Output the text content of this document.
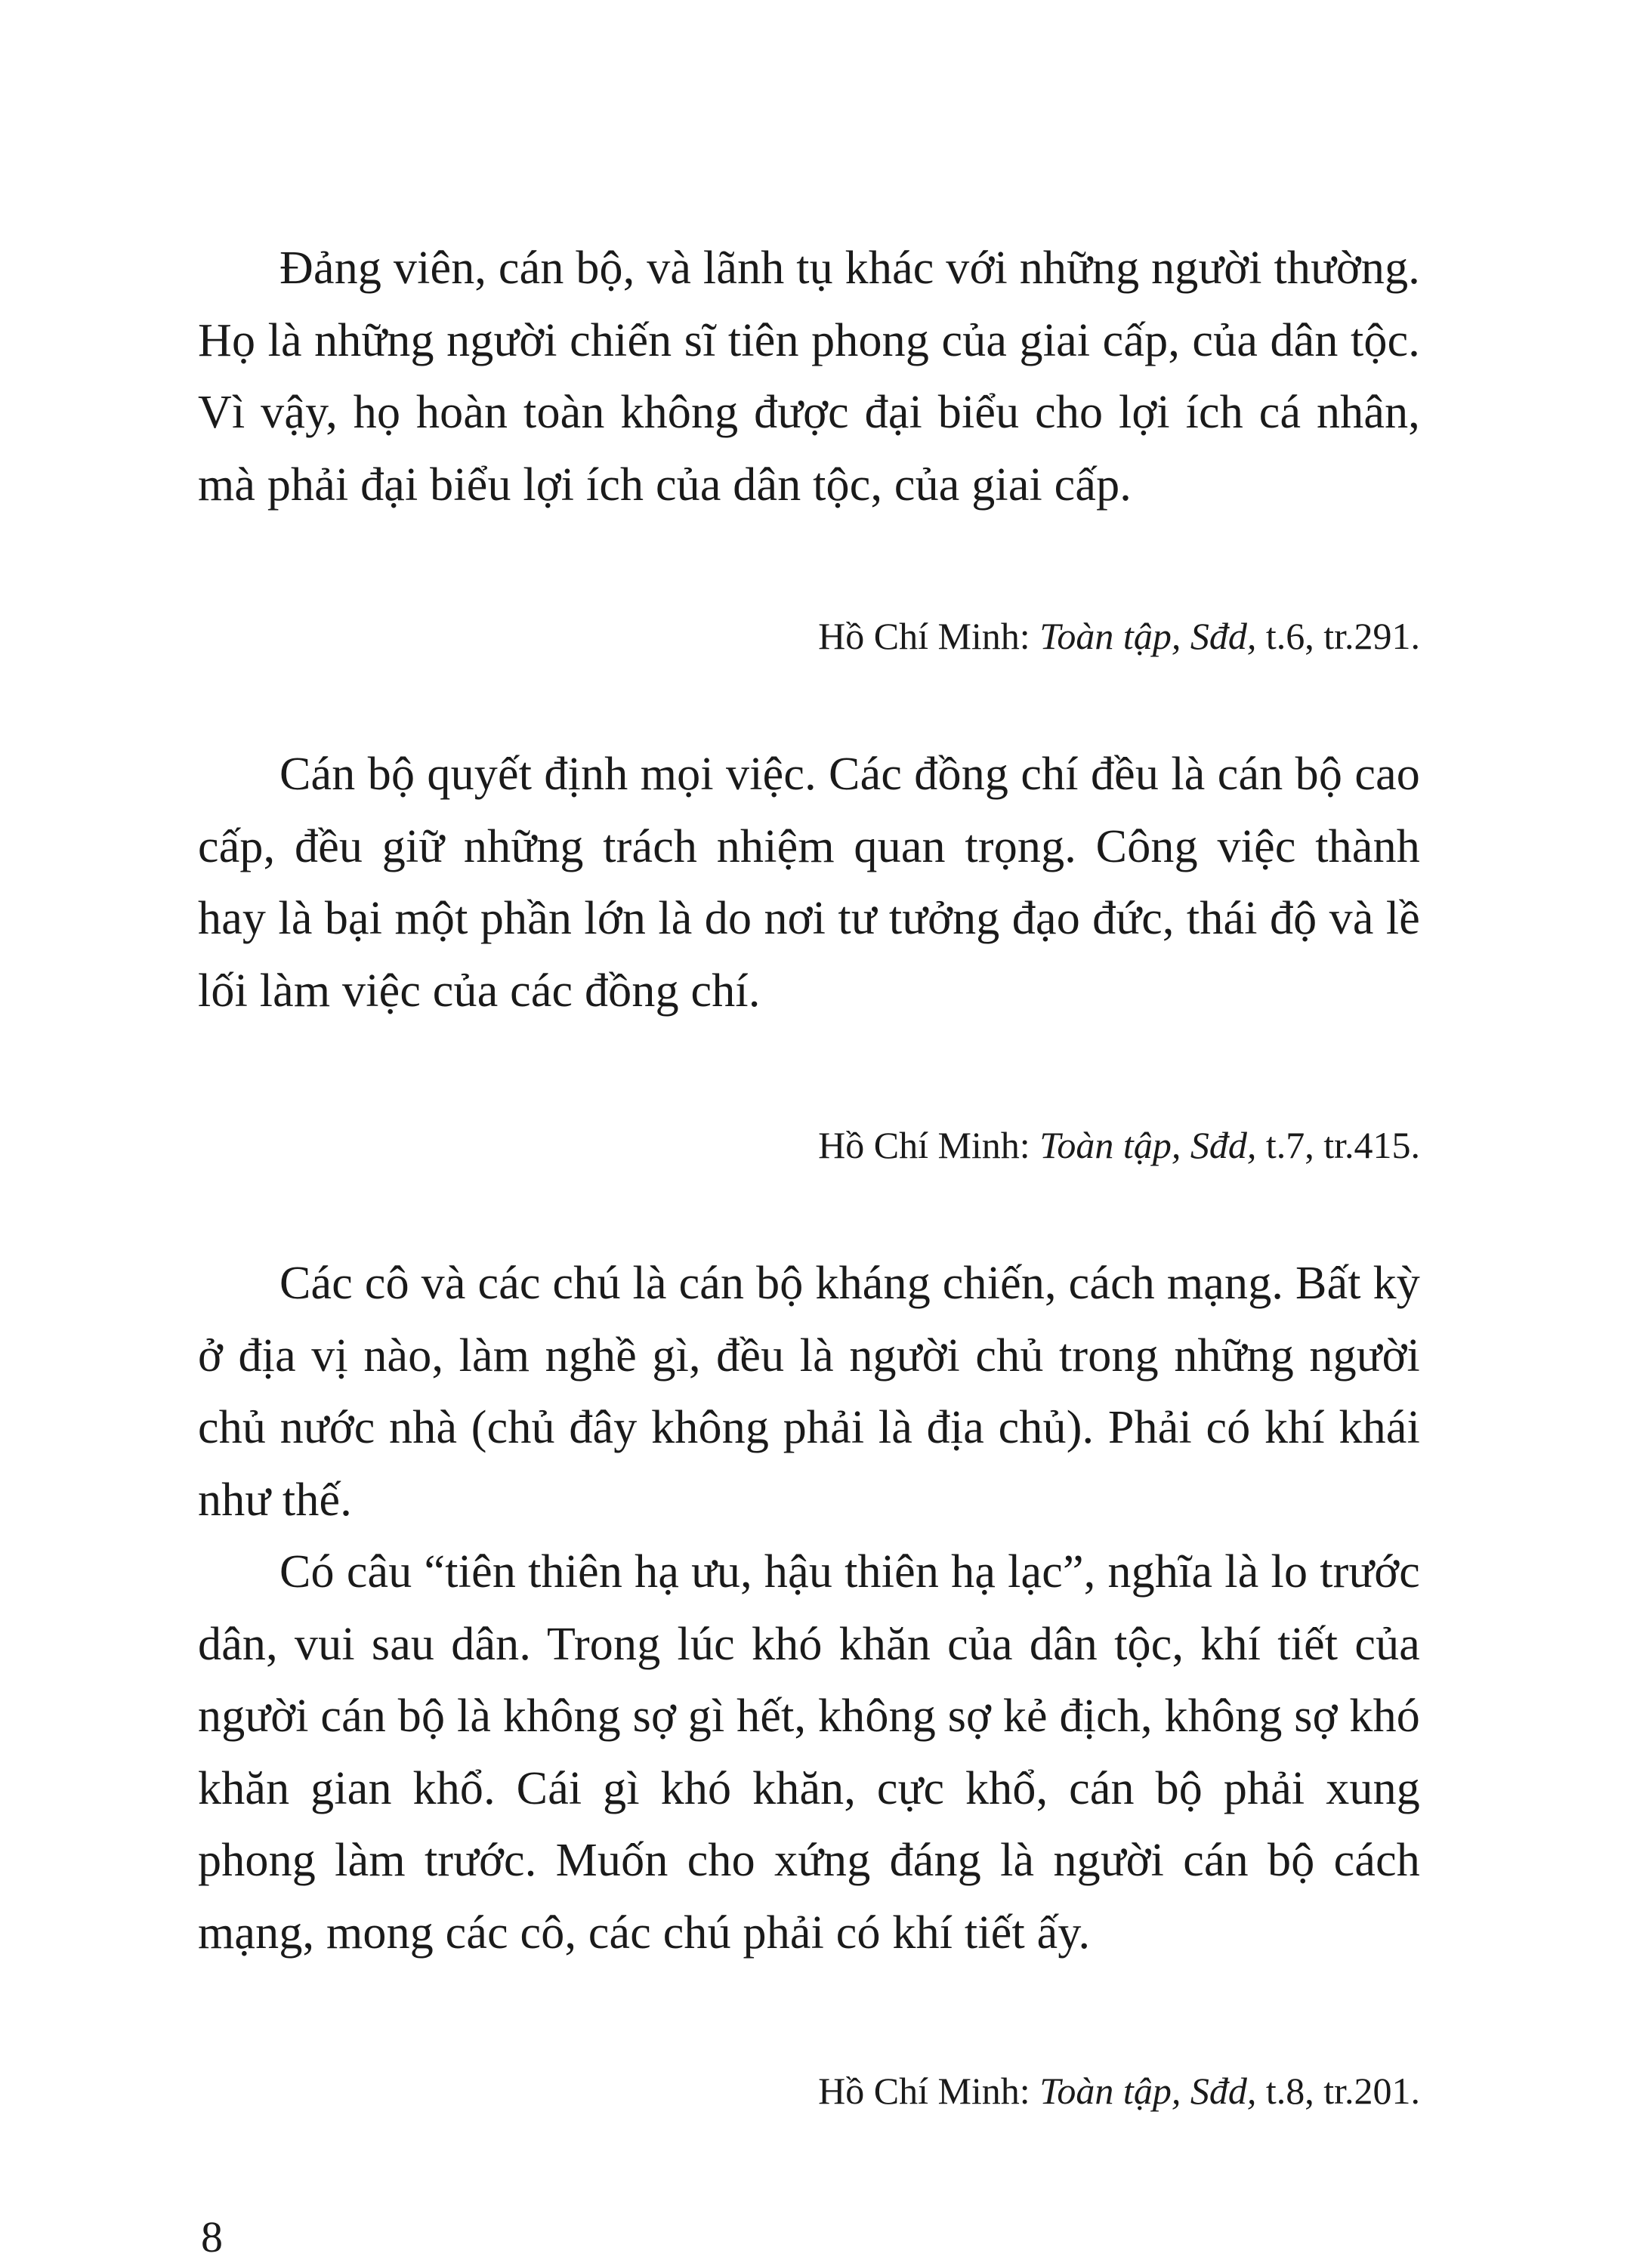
Đảng viên, cán bộ, và lãnh tụ khác với những người thường. Họ là những người chiến sĩ tiên phong của giai cấp, của dân tộc. Vì vậy, họ hoàn toàn không được đại biểu cho lợi ích cá nhân, mà phải đại biểu lợi ích của dân tộc, của giai cấp.

Hồ Chí Minh: Toàn tập, Sđd, t.6, tr.291.

Cán bộ quyết định mọi việc. Các đồng chí đều là cán bộ cao cấp, đều giữ những trách nhiệm quan trọng. Công việc thành hay là bại một phần lớn là do nơi tư tưởng đạo đức, thái độ và lề lối làm việc của các đồng chí.

Hồ Chí Minh: Toàn tập, Sđd, t.7, tr.415.

Các cô và các chú là cán bộ kháng chiến, cách mạng. Bất kỳ ở địa vị nào, làm nghề gì, đều là người chủ trong những người chủ nước nhà (chủ đây không phải là địa chủ). Phải có khí khái như thế.

Có câu “tiên thiên hạ ưu, hậu thiên hạ lạc”, nghĩa là lo trước dân, vui sau dân. Trong lúc khó khăn của dân tộc, khí tiết của người cán bộ là không sợ gì hết, không sợ kẻ địch, không sợ khó khăn gian khổ. Cái gì khó khăn, cực khổ, cán bộ phải xung phong làm trước. Muốn cho xứng đáng là người cán bộ cách mạng, mong các cô, các chú phải có khí tiết ấy.

Hồ Chí Minh: Toàn tập, Sđd, t.8, tr.201.

8
